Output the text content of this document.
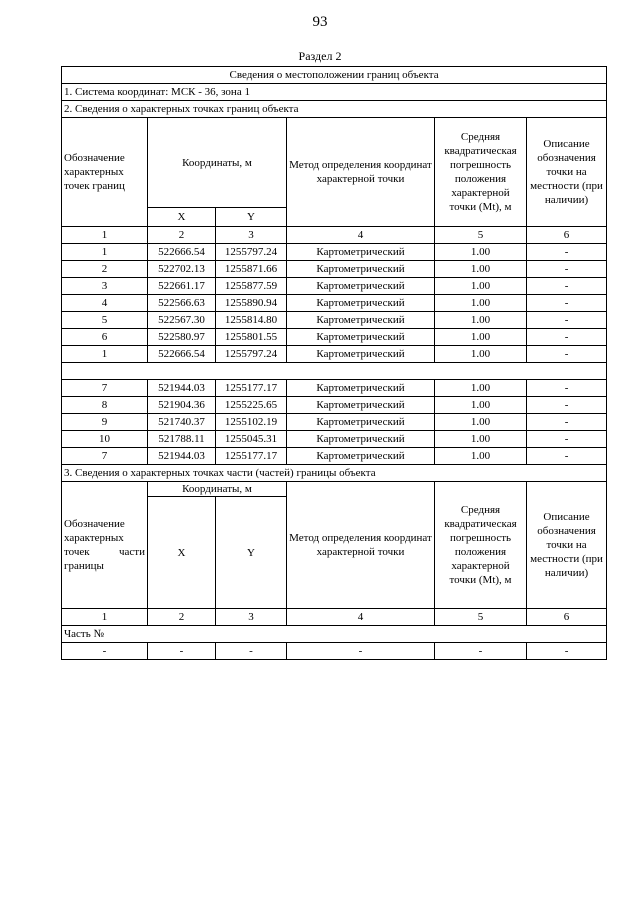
93
Раздел 2
Сведения о местоположении границ объекта					
1. Система координат: МСК - 36, зона 1					
2. Сведения о характерных точках границ объекта					
Обозначение характерных точек границ	Координаты, м		Метод определения координат характерной точки	Средняя квадратическая погрешность положения характерной точки (Mt), м	Описание обозначения точки на местности (при наличии)
	X	Y			
1	2	3	4	5	6
1	522666.54	1255797.24	Картометрический	1.00	-
2	522702.13	1255871.66	Картометрический	1.00	-
3	522661.17	1255877.59	Картометрический	1.00	-
4	522566.63	1255890.94	Картометрический	1.00	-
5	522567.30	1255814.80	Картометрический	1.00	-
6	522580.97	1255801.55	Картометрический	1.00	-
1	522666.54	1255797.24	Картометрический	1.00	-

7	521944.03	1255177.17	Картометрический	1.00	-
8	521904.36	1255225.65	Картометрический	1.00	-
9	521740.37	1255102.19	Картометрический	1.00	-
10	521788.11	1255045.31	Картометрический	1.00	-
7	521944.03	1255177.17	Картометрический	1.00	-
3. Сведения о характерных точках части (частей) границы объекта					
Обозначение характерных точек части границы	Координаты, м		Метод определения координат характерной точки	Средняя квадратическая погрешность положения характерной точки (Mt), м	Описание обозначения точки на местности (при наличии)
	X	Y			

1	2	3	4	5	6
Часть №					
-	-	-	-	-	-
